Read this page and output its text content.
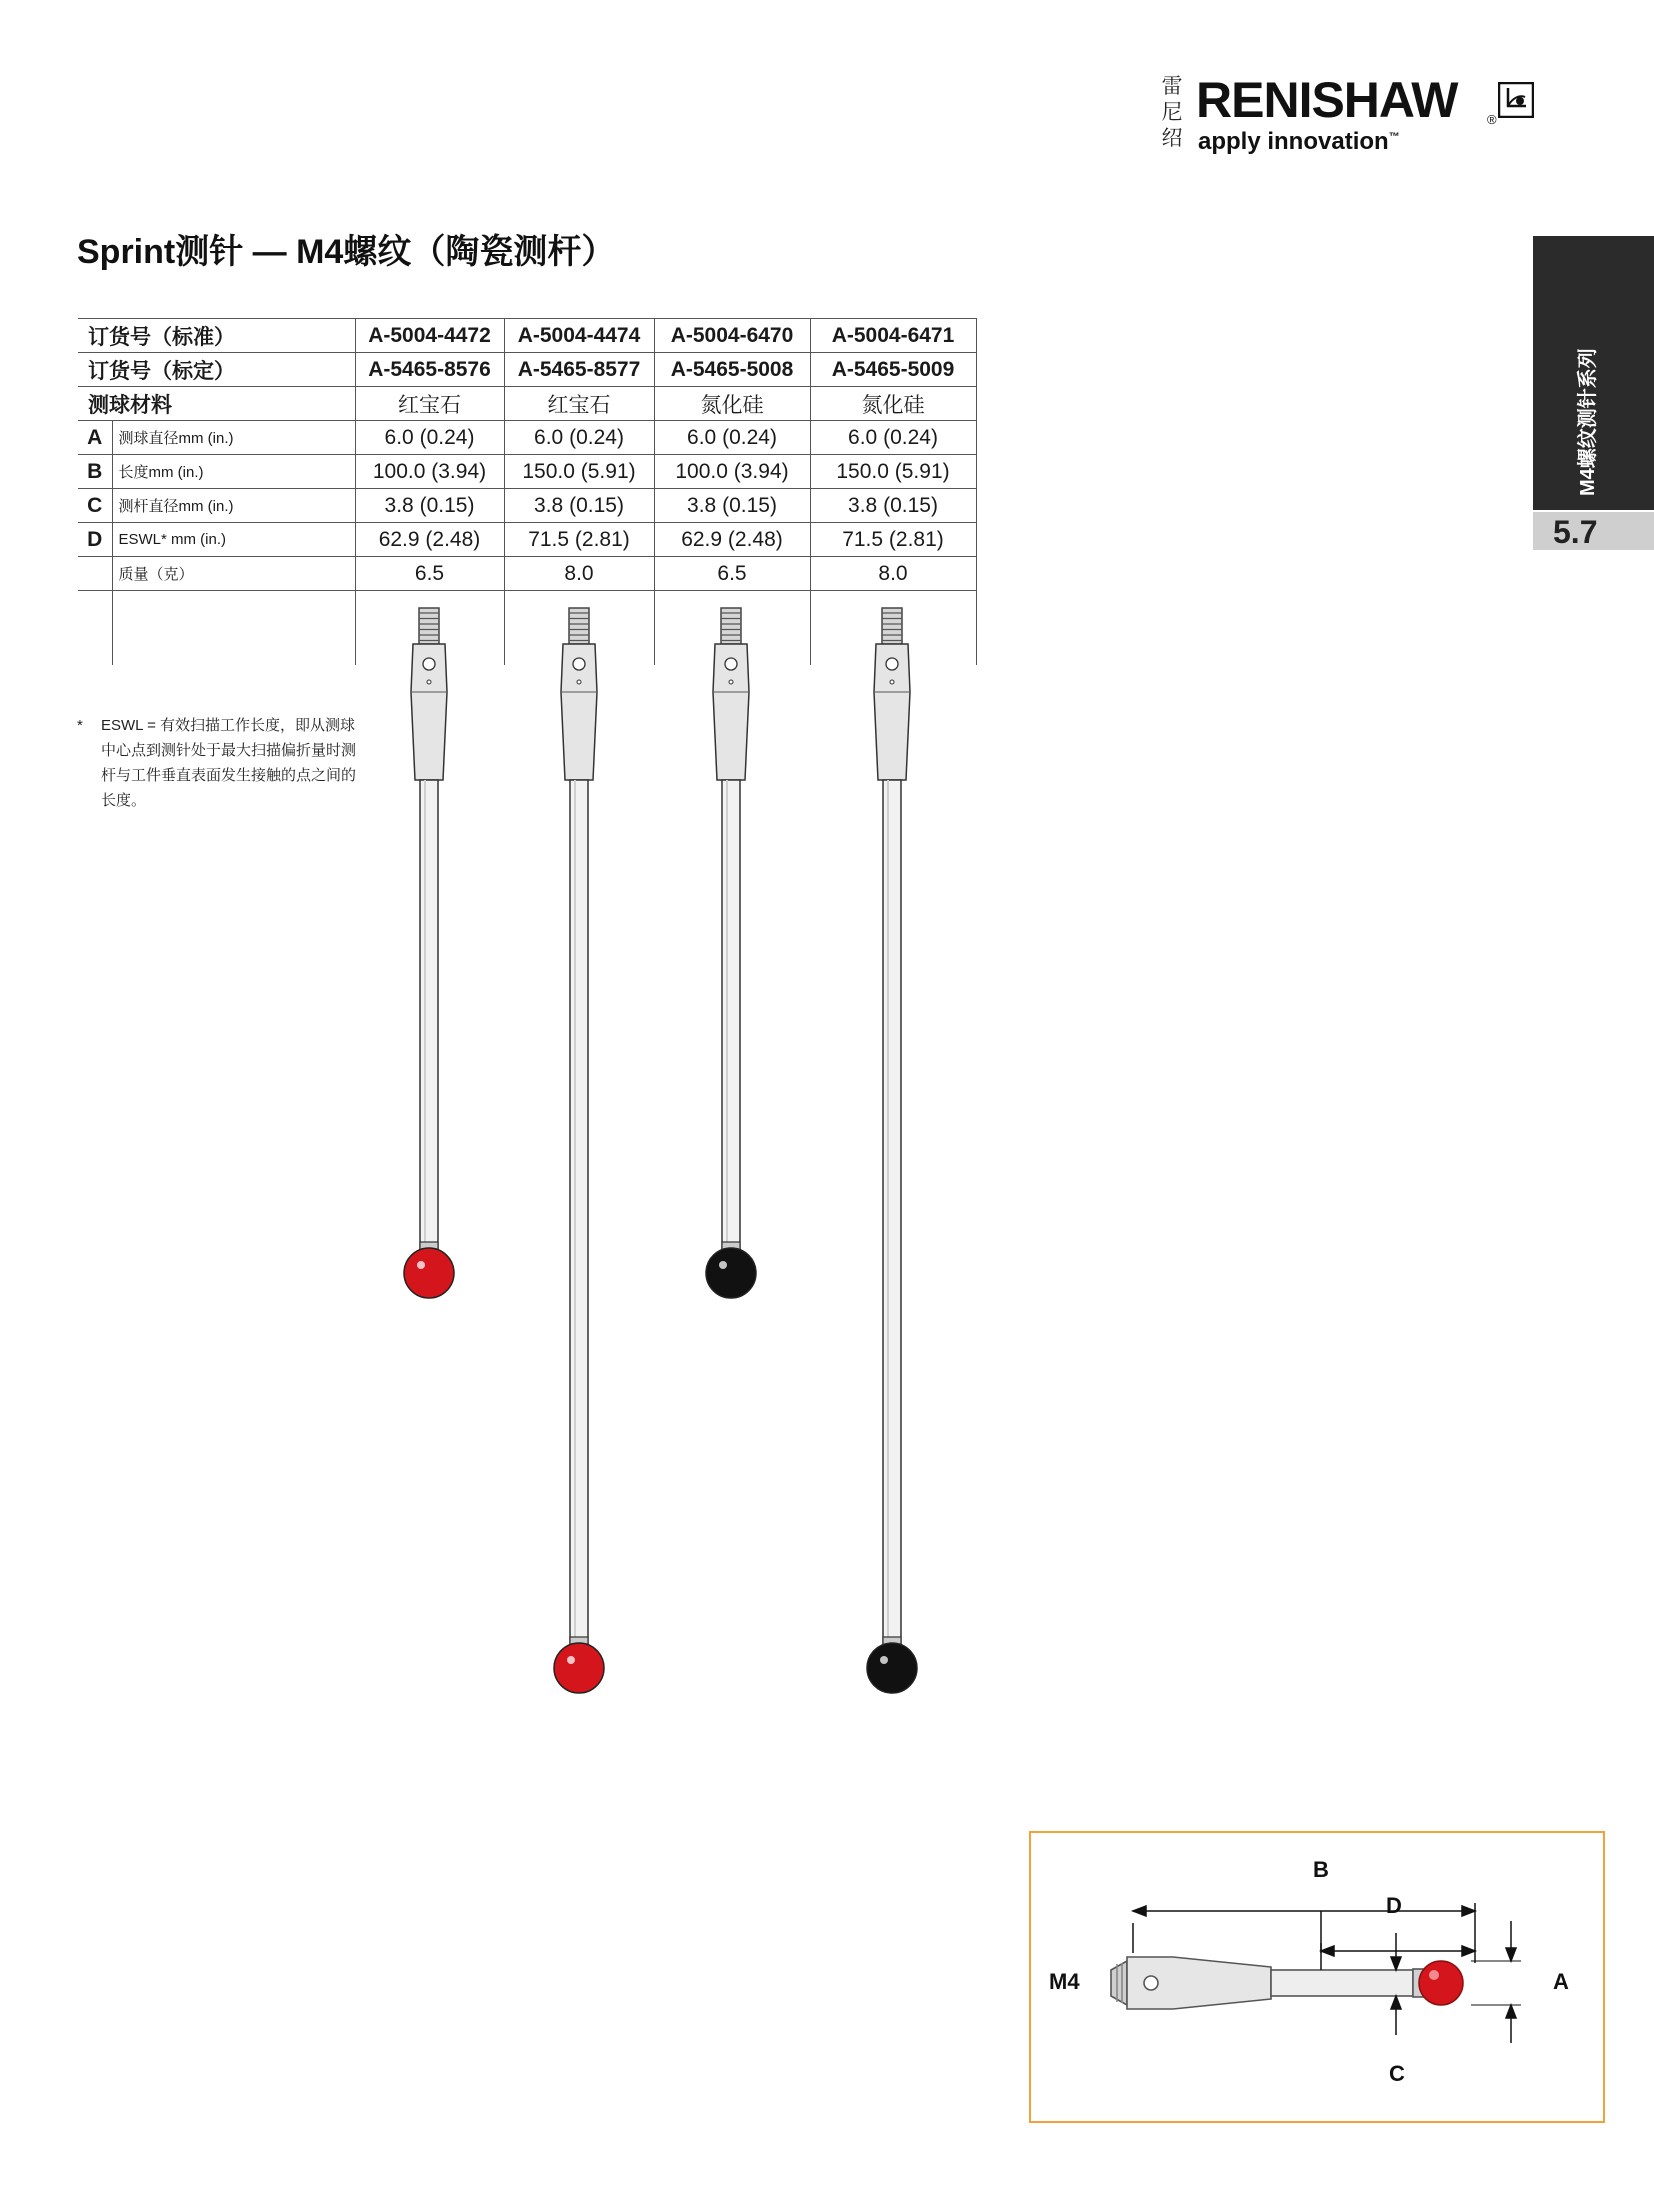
雷
尼
绍
RENISHAW ®
apply innovation™
Sprint测针 — M4螺纹（陶瓷测杆）
M4螺纹测针系列
5.7
订货号（标准）		A-5004-4472	A-5004-4474	A-5004-6470	A-5004-6471
订货号（标定）		A-5465-8576	A-5465-8577	A-5465-5008	A-5465-5009
测球材料		红宝石	红宝石	氮化硅	氮化硅
A	测球直径mm (in.)	6.0 (0.24)	6.0 (0.24)	6.0 (0.24)	6.0 (0.24)
B	长度mm (in.)	100.0 (3.94)	150.0 (5.91)	100.0 (3.94)	150.0 (5.91)
C	测杆直径mm (in.)	3.8 (0.15)	3.8 (0.15)	3.8 (0.15)	3.8 (0.15)
D	ESWL* mm (in.)	62.9 (2.48)	71.5 (2.81)	62.9 (2.48)	71.5 (2.81)
	质量（克）	6.5	8.0	6.5	8.0

*	ESWL = 有效扫描工作长度，即从测球中心点到测针处于最大扫描偏折量时测杆与工件垂直表面发生接触的点之间的长度。
B
D
M4	A
C
